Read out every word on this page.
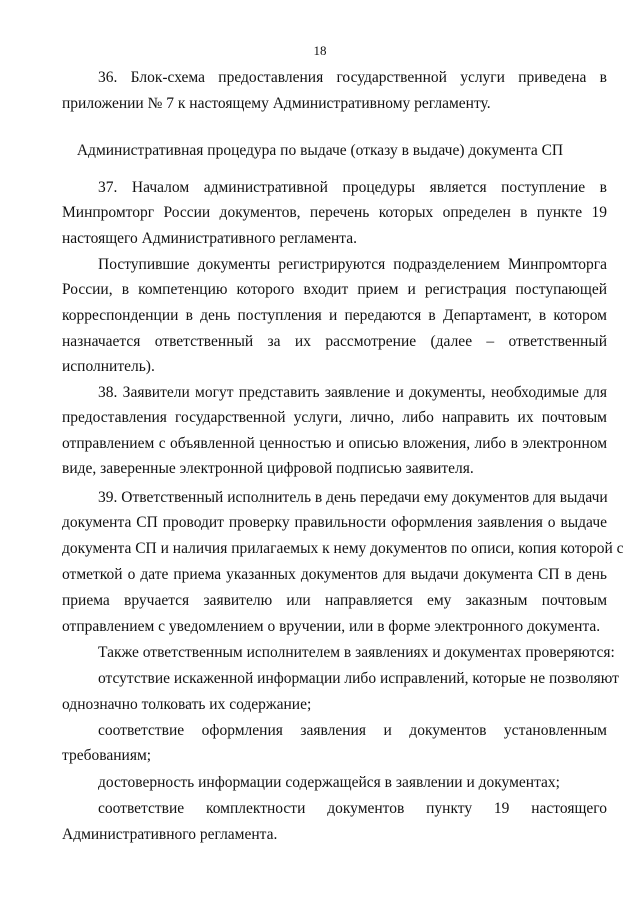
18
36. Блок-схема предоставления государственной услуги приведена в
приложении № 7 к настоящему Административному регламенту.
Административная процедура по выдаче (отказу в выдаче) документа СП
37. Началом административной процедуры является поступление в
Минпромторг России документов, перечень которых определен в пункте 19
настоящего Административного регламента.
Поступившие документы регистрируются подразделением Минпромторга
России, в компетенцию которого входит прием и регистрация поступающей
корреспонденции в день поступления и передаются в Департамент, в котором
назначается ответственный за их рассмотрение (далее – ответственный
исполнитель).
38. Заявители могут представить заявление и документы, необходимые для
предоставления государственной услуги, лично, либо направить их почтовым
отправлением с объявленной ценностью и описью вложения, либо в электронном
виде, заверенные электронной цифровой подписью заявителя.
39. Ответственный исполнитель в день передачи ему документов для выдачи
документа СП проводит проверку правильности оформления заявления о выдаче
документа СП и наличия прилагаемых к нему документов по описи, копия которой с
отметкой о дате приема указанных документов для выдачи документа СП в день
приема вручается заявителю или направляется ему заказным почтовым
отправлением с уведомлением о вручении, или в форме электронного документа.
Также ответственным исполнителем в заявлениях и документах проверяются:
отсутствие искаженной информации либо исправлений, которые не позволяют
однозначно толковать их содержание;
соответствие оформления заявления и документов установленным
требованиям;
достоверность информации содержащейся в заявлении и документах;
соответствие комплектности документов пункту 19 настоящего
Административного регламента.
